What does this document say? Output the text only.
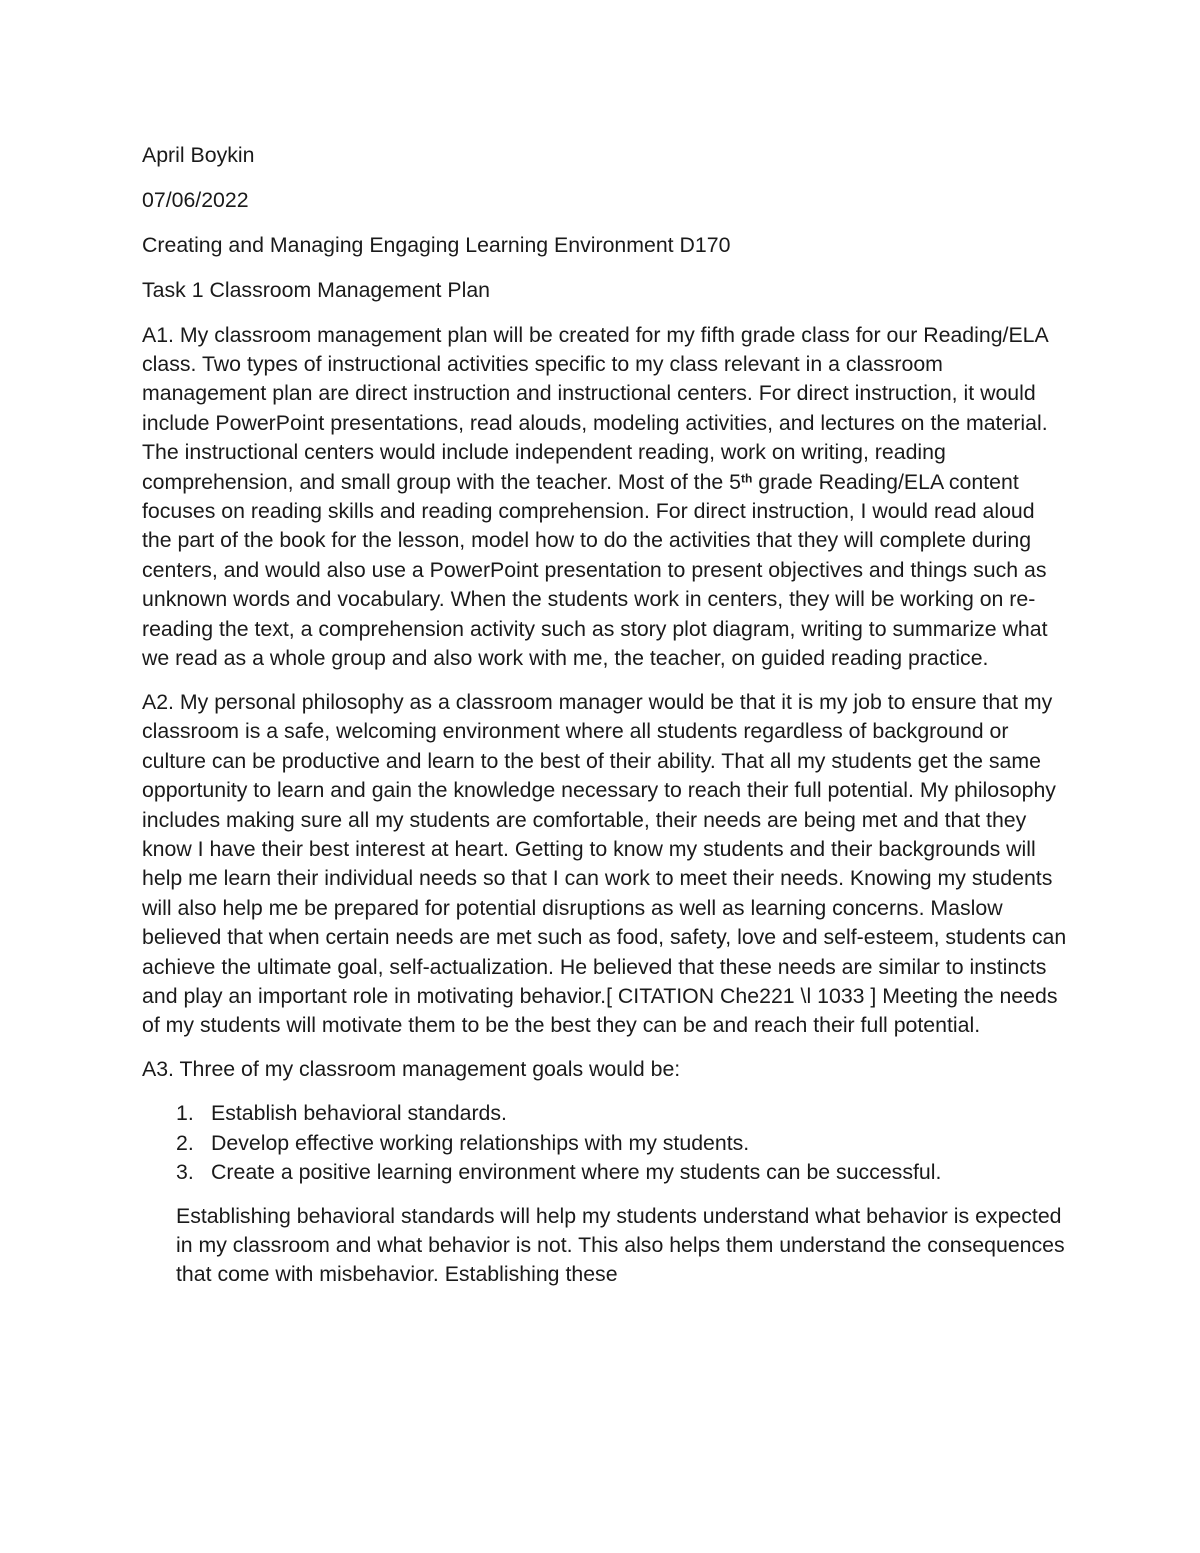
April Boykin

07/06/2022

Creating and Managing Engaging Learning Environment D170

Task 1 Classroom Management Plan

A1. My classroom management plan will be created for my fifth grade class for our Reading/ELA class. Two types of instructional activities specific to my class relevant in a classroom management plan are direct instruction and instructional centers. For direct instruction, it would include PowerPoint presentations, read alouds, modeling activities, and lectures on the material. The instructional centers would include independent reading, work on writing, reading comprehension, and small group with the teacher. Most of the 5th grade Reading/ELA content focuses on reading skills and reading comprehension. For direct instruction, I would read aloud the part of the book for the lesson, model how to do the activities that they will complete during centers, and would also use a PowerPoint presentation to present objectives and things such as unknown words and vocabulary. When the students work in centers, they will be working on re-reading the text, a comprehension activity such as story plot diagram, writing to summarize what we read as a whole group and also work with me, the teacher, on guided reading practice.

A2. My personal philosophy as a classroom manager would be that it is my job to ensure that my classroom is a safe, welcoming environment where all students regardless of background or culture can be productive and learn to the best of their ability. That all my students get the same opportunity to learn and gain the knowledge necessary to reach their full potential. My philosophy includes making sure all my students are comfortable, their needs are being met and that they know I have their best interest at heart. Getting to know my students and their backgrounds will help me learn their individual needs so that I can work to meet their needs. Knowing my students will also help me be prepared for potential disruptions as well as learning concerns. Maslow believed that when certain needs are met such as food, safety, love and self-esteem, students can achieve the ultimate goal, self-actualization. He believed that these needs are similar to instincts and play an important role in motivating behavior.[ CITATION Che221 \l 1033 ] Meeting the needs of my students will motivate them to be the best they can be and reach their full potential.

A3. Three of my classroom management goals would be:

1. Establish behavioral standards.
2. Develop effective working relationships with my students.
3. Create a positive learning environment where my students can be successful.

Establishing behavioral standards will help my students understand what behavior is expected in my classroom and what behavior is not. This also helps them understand the consequences that come with misbehavior. Establishing these
